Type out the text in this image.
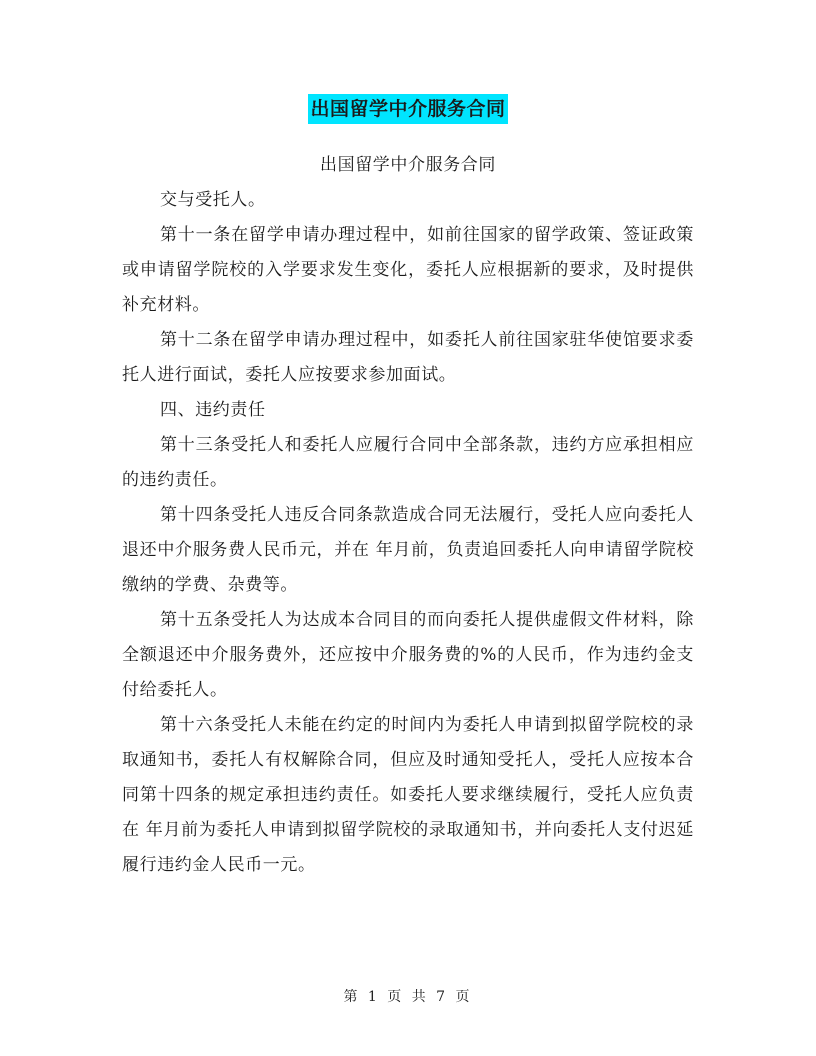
出国留学中介服务合同

出国留学中介服务合同

交与受托人。

第十一条在留学申请办理过程中，如前往国家的留学政策、签证政策或申请留学院校的入学要求发生变化，委托人应根据新的要求，及时提供补充材料。

第十二条在留学申请办理过程中，如委托人前往国家驻华使馆要求委托人进行面试，委托人应按要求参加面试。

四、违约责任

第十三条受托人和委托人应履行合同中全部条款，违约方应承担相应的违约责任。

第十四条受托人违反合同条款造成合同无法履行，受托人应向委托人退还中介服务费人民币元，并在 年月前，负责追回委托人向申请留学院校缴纳的学费、杂费等。

第十五条受托人为达成本合同目的而向委托人提供虚假文件材料，除全额退还中介服务费外，还应按中介服务费的%的人民币，作为违约金支付给委托人。

第十六条受托人未能在约定的时间内为委托人申请到拟留学院校的录取通知书，委托人有权解除合同，但应及时通知受托人，受托人应按本合同第十四条的规定承担违约责任。如委托人要求继续履行，受托人应负责在 年月前为委托人申请到拟留学院校的录取通知书，并向委托人支付迟延履行违约金人民币一元。

第 1 页 共 7 页
